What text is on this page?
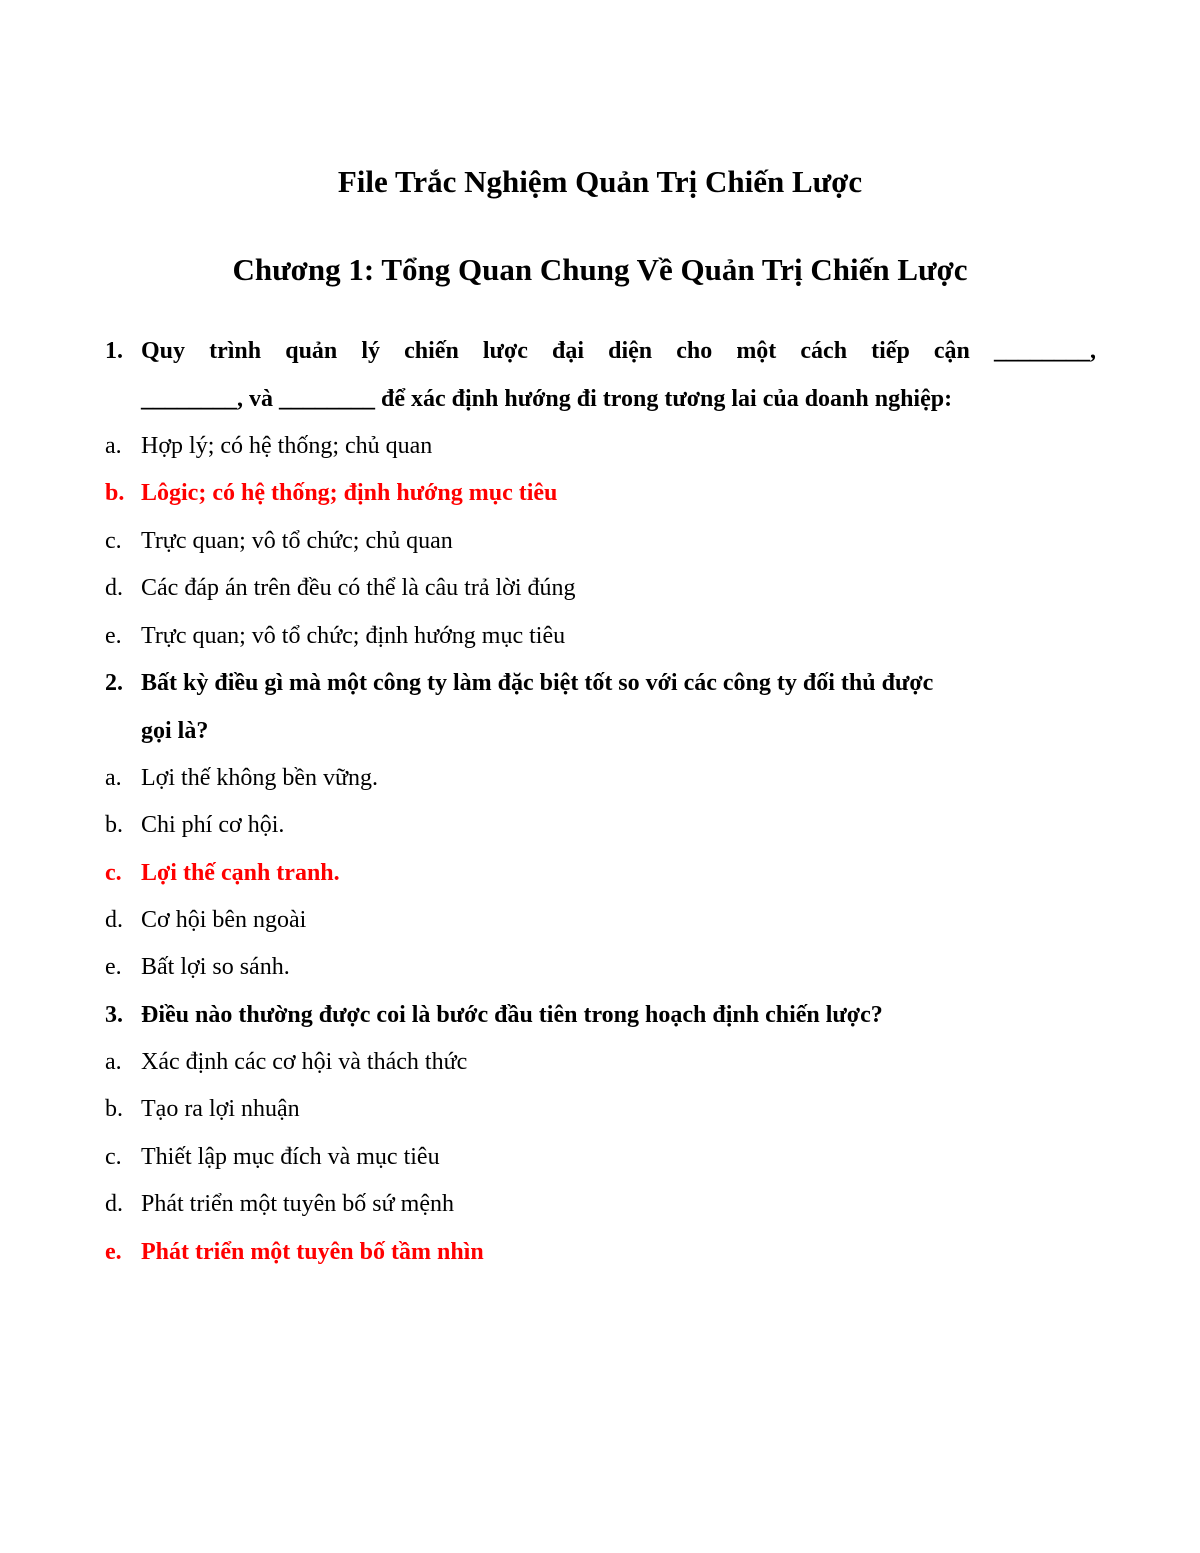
File Trắc Nghiệm Quản Trị Chiến Lược
Chương 1: Tổng Quan Chung Về Quản Trị Chiến Lược
1. Quy trình quản lý chiến lược đại diện cho một cách tiếp cận ________,
________, và ________ để xác định hướng đi trong tương lai của doanh nghiệp:
a. Hợp lý; có hệ thống; chủ quan
b. Lôgic; có hệ thống; định hướng mục tiêu
c. Trực quan; vô tổ chức; chủ quan
d. Các đáp án trên đều có thể là câu trả lời đúng
e. Trực quan; vô tổ chức; định hướng mục tiêu
2. Bất kỳ điều gì mà một công ty làm đặc biệt tốt so với các công ty đối thủ được
gọi là?
a. Lợi thế không bền vững.
b. Chi phí cơ hội.
c. Lợi thế cạnh tranh.
d. Cơ hội bên ngoài
e. Bất lợi so sánh.
3. Điều nào thường được coi là bước đầu tiên trong hoạch định chiến lược?
a. Xác định các cơ hội và thách thức
b. Tạo ra lợi nhuận
c. Thiết lập mục đích và mục tiêu
d. Phát triển một tuyên bố sứ mệnh
e. Phát triển một tuyên bố tầm nhìn
